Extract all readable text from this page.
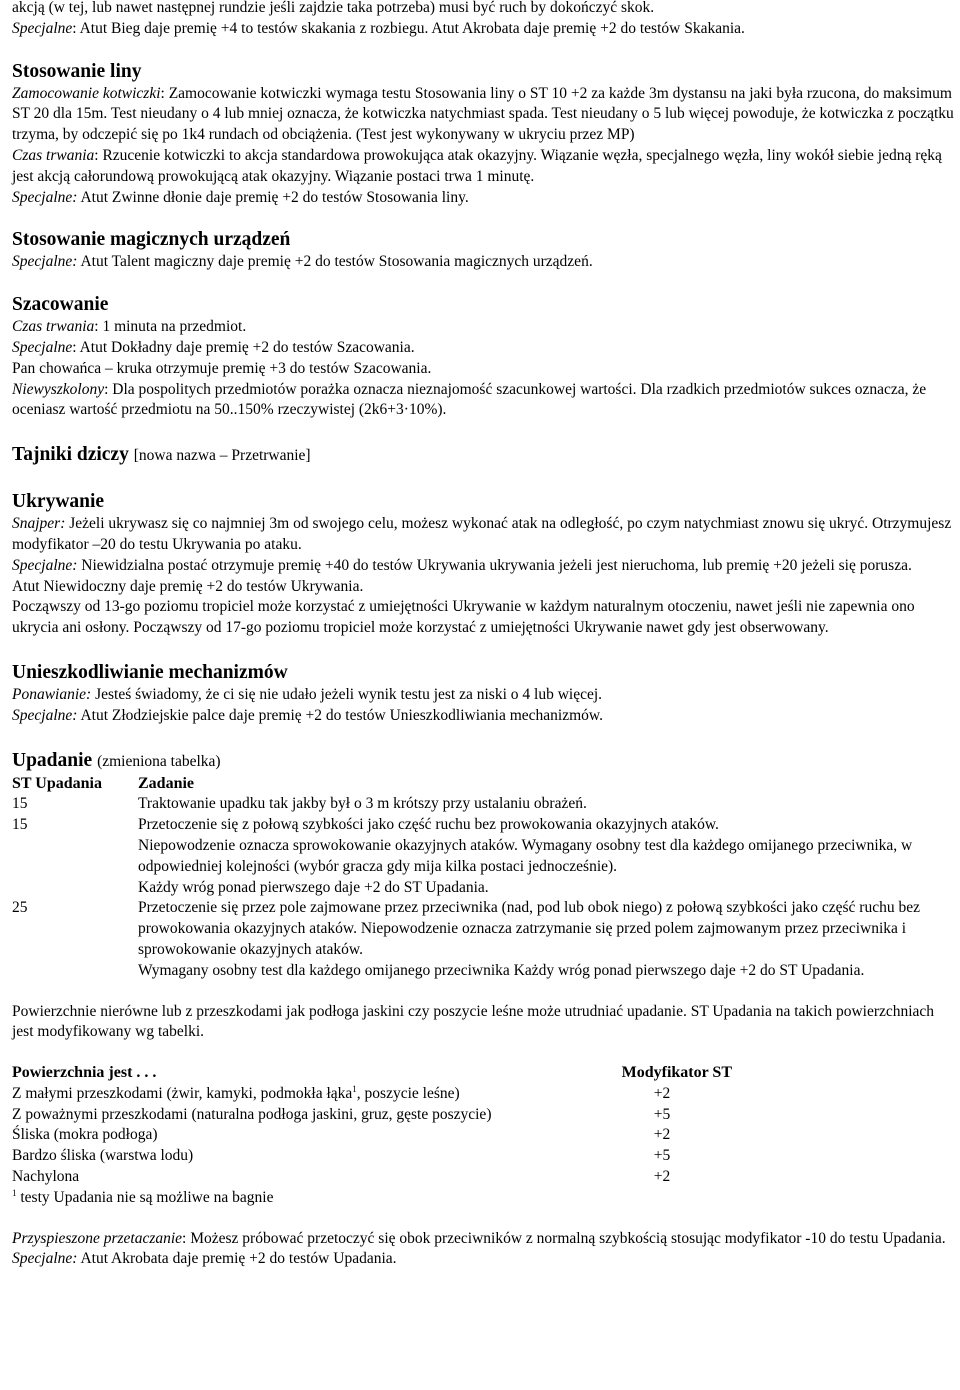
akcją (w tej, lub nawet następnej rundzie jeśli zajdzie taka potrzeba) musi być ruch by dokończyć skok.

Specjalne: Atut Bieg daje premię +4 to testów skakania z rozbiegu. Atut Akrobata daje premię +2 do testów Skakania.

Stosowanie liny

Zamocowanie kotwiczki: Zamocowanie kotwiczki wymaga testu Stosowania liny o ST 10 +2 za każde 3m dystansu na jaki była rzucona, do maksimum ST 20 dla 15m. Test nieudany o 4 lub mniej oznacza, że kotwiczka natychmiast spada. Test nieudany o 5 lub więcej powoduje, że kotwiczka z początku trzyma, by odczepić się po 1k4 rundach od obciążenia. (Test jest wykonywany w ukryciu przez MP)

Czas trwania: Rzucenie kotwiczki to akcja standardowa prowokująca atak okazyjny. Wiązanie węzła, specjalnego węzła, liny wokół siebie jedną ręką jest akcją całorundową prowokującą atak okazyjny. Wiązanie postaci trwa 1 minutę.

Specjalne: Atut Zwinne dłonie daje premię +2 do testów Stosowania liny.

Stosowanie magicznych urządzeń

Specjalne: Atut Talent magiczny daje premię +2 do testów Stosowania magicznych urządzeń.

Szacowanie

Czas trwania: 1 minuta na przedmiot.

Specjalne: Atut Dokładny daje premię +2 do testów Szacowania.

Pan chowańca – kruka otrzymuje premię +3 do testów Szacowania.

Niewyszkolony: Dla pospolitych przedmiotów porażka oznacza nieznajomość szacunkowej wartości. Dla rzadkich przedmiotów sukces oznacza, że oceniasz wartość przedmiotu na 50..150% rzeczywistej (2k6+3·10%).

Tajniki dziczy [nowa nazwa – Przetrwanie]
Ukrywanie

Snajper: Jeżeli ukrywasz się co najmniej 3m od swojego celu, możesz wykonać atak na odległość, po czym natychmiast znowu się ukryć. Otrzymujesz modyfikator –20 do testu Ukrywania po ataku.

Specjalne: Niewidzialna postać otrzymuje premię +40 do testów Ukrywania ukrywania jeżeli jest nieruchoma, lub premię +20 jeżeli się porusza.

Atut Niewidoczny daje premię +2 do testów Ukrywania.

Począwszy od 13-go poziomu tropiciel może korzystać z umiejętności Ukrywanie w każdym naturalnym otoczeniu, nawet jeśli nie zapewnia ono ukrycia ani osłony. Począwszy od 17-go poziomu tropiciel może korzystać z umiejętności Ukrywanie nawet gdy jest obserwowany.

Unieszkodliwianie mechanizmów

Ponawianie: Jesteś świadomy, że ci się nie udało jeżeli wynik testu jest za niski o 4 lub więcej.

Specjalne: Atut Złodziejskie palce daje premię +2 do testów Unieszkodliwiania mechanizmów.

Upadanie (zmieniona tabelka)
ST Upadania	Zadanie
15	Traktowanie upadku tak jakby był o 3 m krótszy przy ustalaniu obrażeń.

15	Przetoczenie się z połową szybkości jako część ruchu bez prowokowania okazyjnych ataków.
Niepowodzenie oznacza sprowokowanie okazyjnych ataków. Wymagany osobny test dla każdego omijanego przeciwnika, w odpowiedniej kolejności (wybór gracza gdy mija kilka postaci jednocześnie).
Każdy wróg ponad pierwszego daje +2 do ST Upadania.

25	Przetoczenie się przez pole zajmowane przez przeciwnika (nad, pod lub obok niego) z połową szybkości jako część ruchu bez prowokowania okazyjnych ataków. Niepowodzenie oznacza zatrzymanie się przed polem zajmowanym przez przeciwnika i sprowokowanie okazyjnych ataków.
Wymagany osobny test dla każdego omijanego przeciwnika Każdy wróg ponad pierwszego daje +2 do ST Upadania.

Powierzchnie nierówne lub z przeszkodami jak podłoga jaskini czy poszycie leśne może utrudniać upadanie. ST Upadania na takich powierzchniach jest modyfikowany wg tabelki.

Powierzchnia jest . . .	Modyfikator ST
Z małymi przeszkodami (żwir, kamyki, podmokła łąka$^1$, poszycie leśne)	+2
Z poważnymi przeszkodami (naturalna podłoga jaskini, gruz, gęste poszycie)	+5
Śliska (mokra podłoga)	+2
Bardzo śliska (warstwa lodu)	+5
Nachylona	+2

$^1$ testy Upadania nie są możliwe na bagnie

Przyspieszone przetaczanie: Możesz próbować przetoczyć się obok przeciwników z normalną szybkością stosując modyfikator -10 do testu Upadania.

Specjalne: Atut Akrobata daje premię +2 do testów Upadania.
